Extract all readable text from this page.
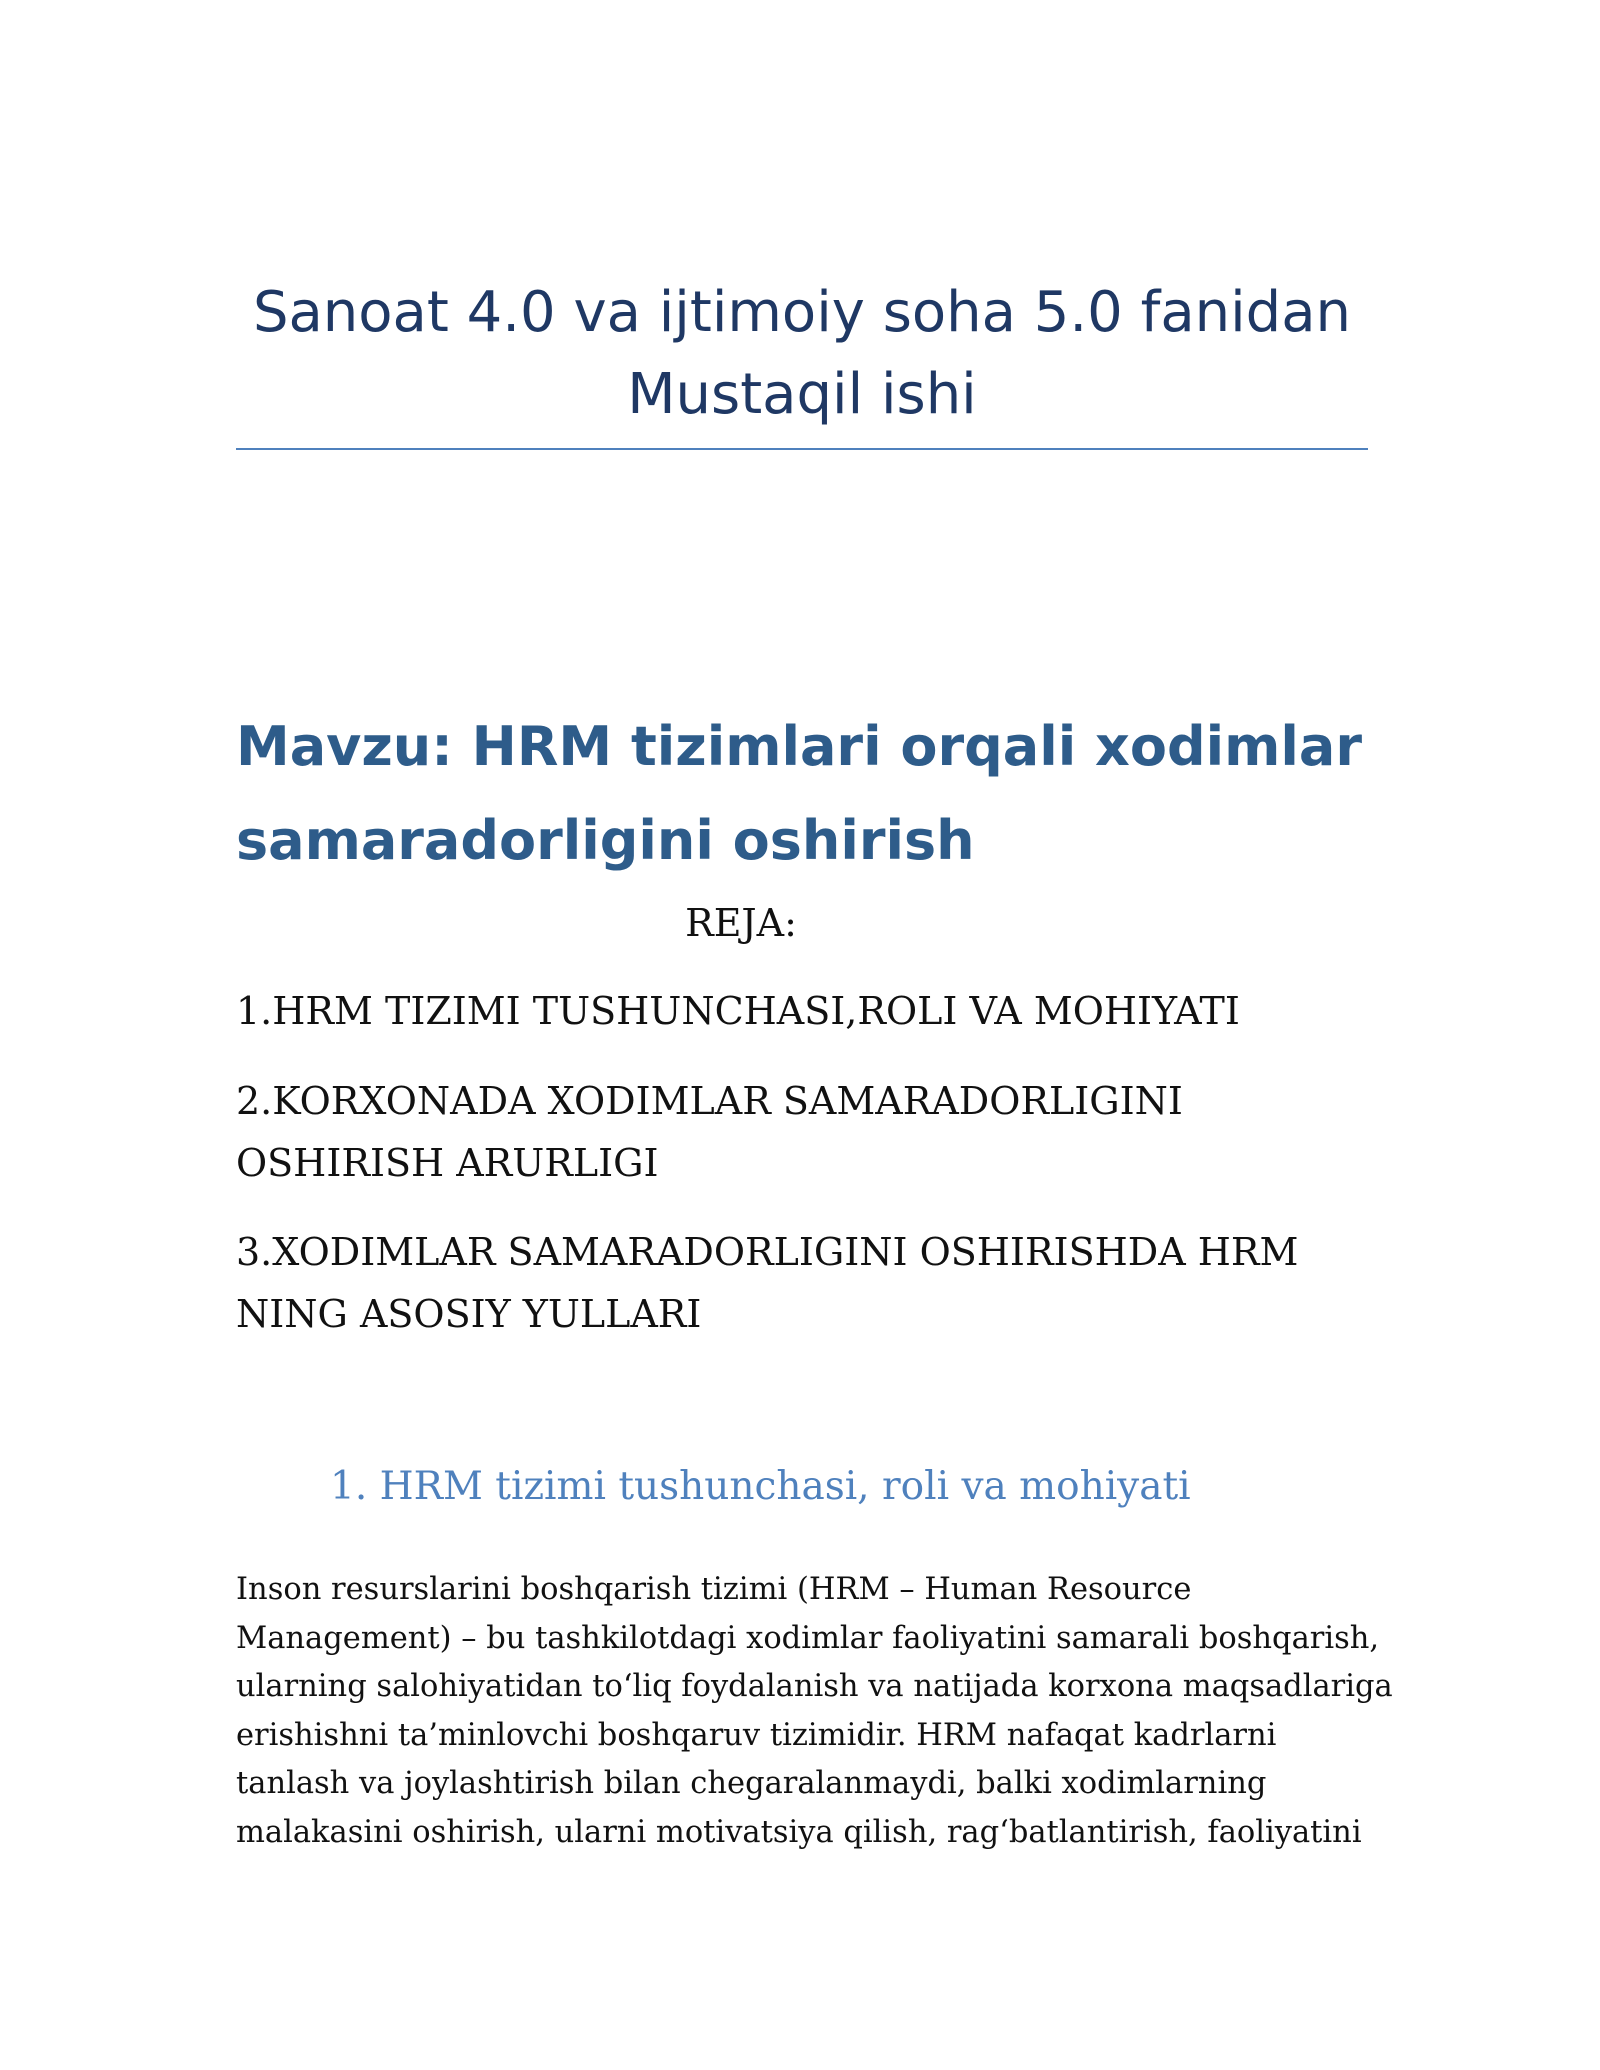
Sanoat 4.0 va ijtimoiy soha 5.0 fanidan
Mustaqil ishi
Mavzu: HRM tizimlari orqali xodimlar samaradorligini oshirish
REJA:
1.HRM TIZIMI TUSHUNCHASI,ROLI VA MOHIYATI
2.KORXONADA XODIMLAR SAMARADORLIGINI OSHIRISH ARURLIGI
3.XODIMLAR SAMARADORLIGINI OSHIRISHDA HRM NING ASOSIY YULLARI
1. HRM tizimi tushunchasi, roli va mohiyati
Inson resurslarini boshqarish tizimi (HRM – Human Resource
Management) – bu tashkilotdagi xodimlar faoliyatini samarali boshqarish,
ularning salohiyatidan to‘liq foydalanish va natijada korxona maqsadlariga
erishishni ta’minlovchi boshqaruv tizimidir. HRM nafaqat kadrlarni
tanlash va joylashtirish bilan chegaralanmaydi, balki xodimlarning
malakasini oshirish, ularni motivatsiya qilish, rag‘batlantirish, faoliyatini
